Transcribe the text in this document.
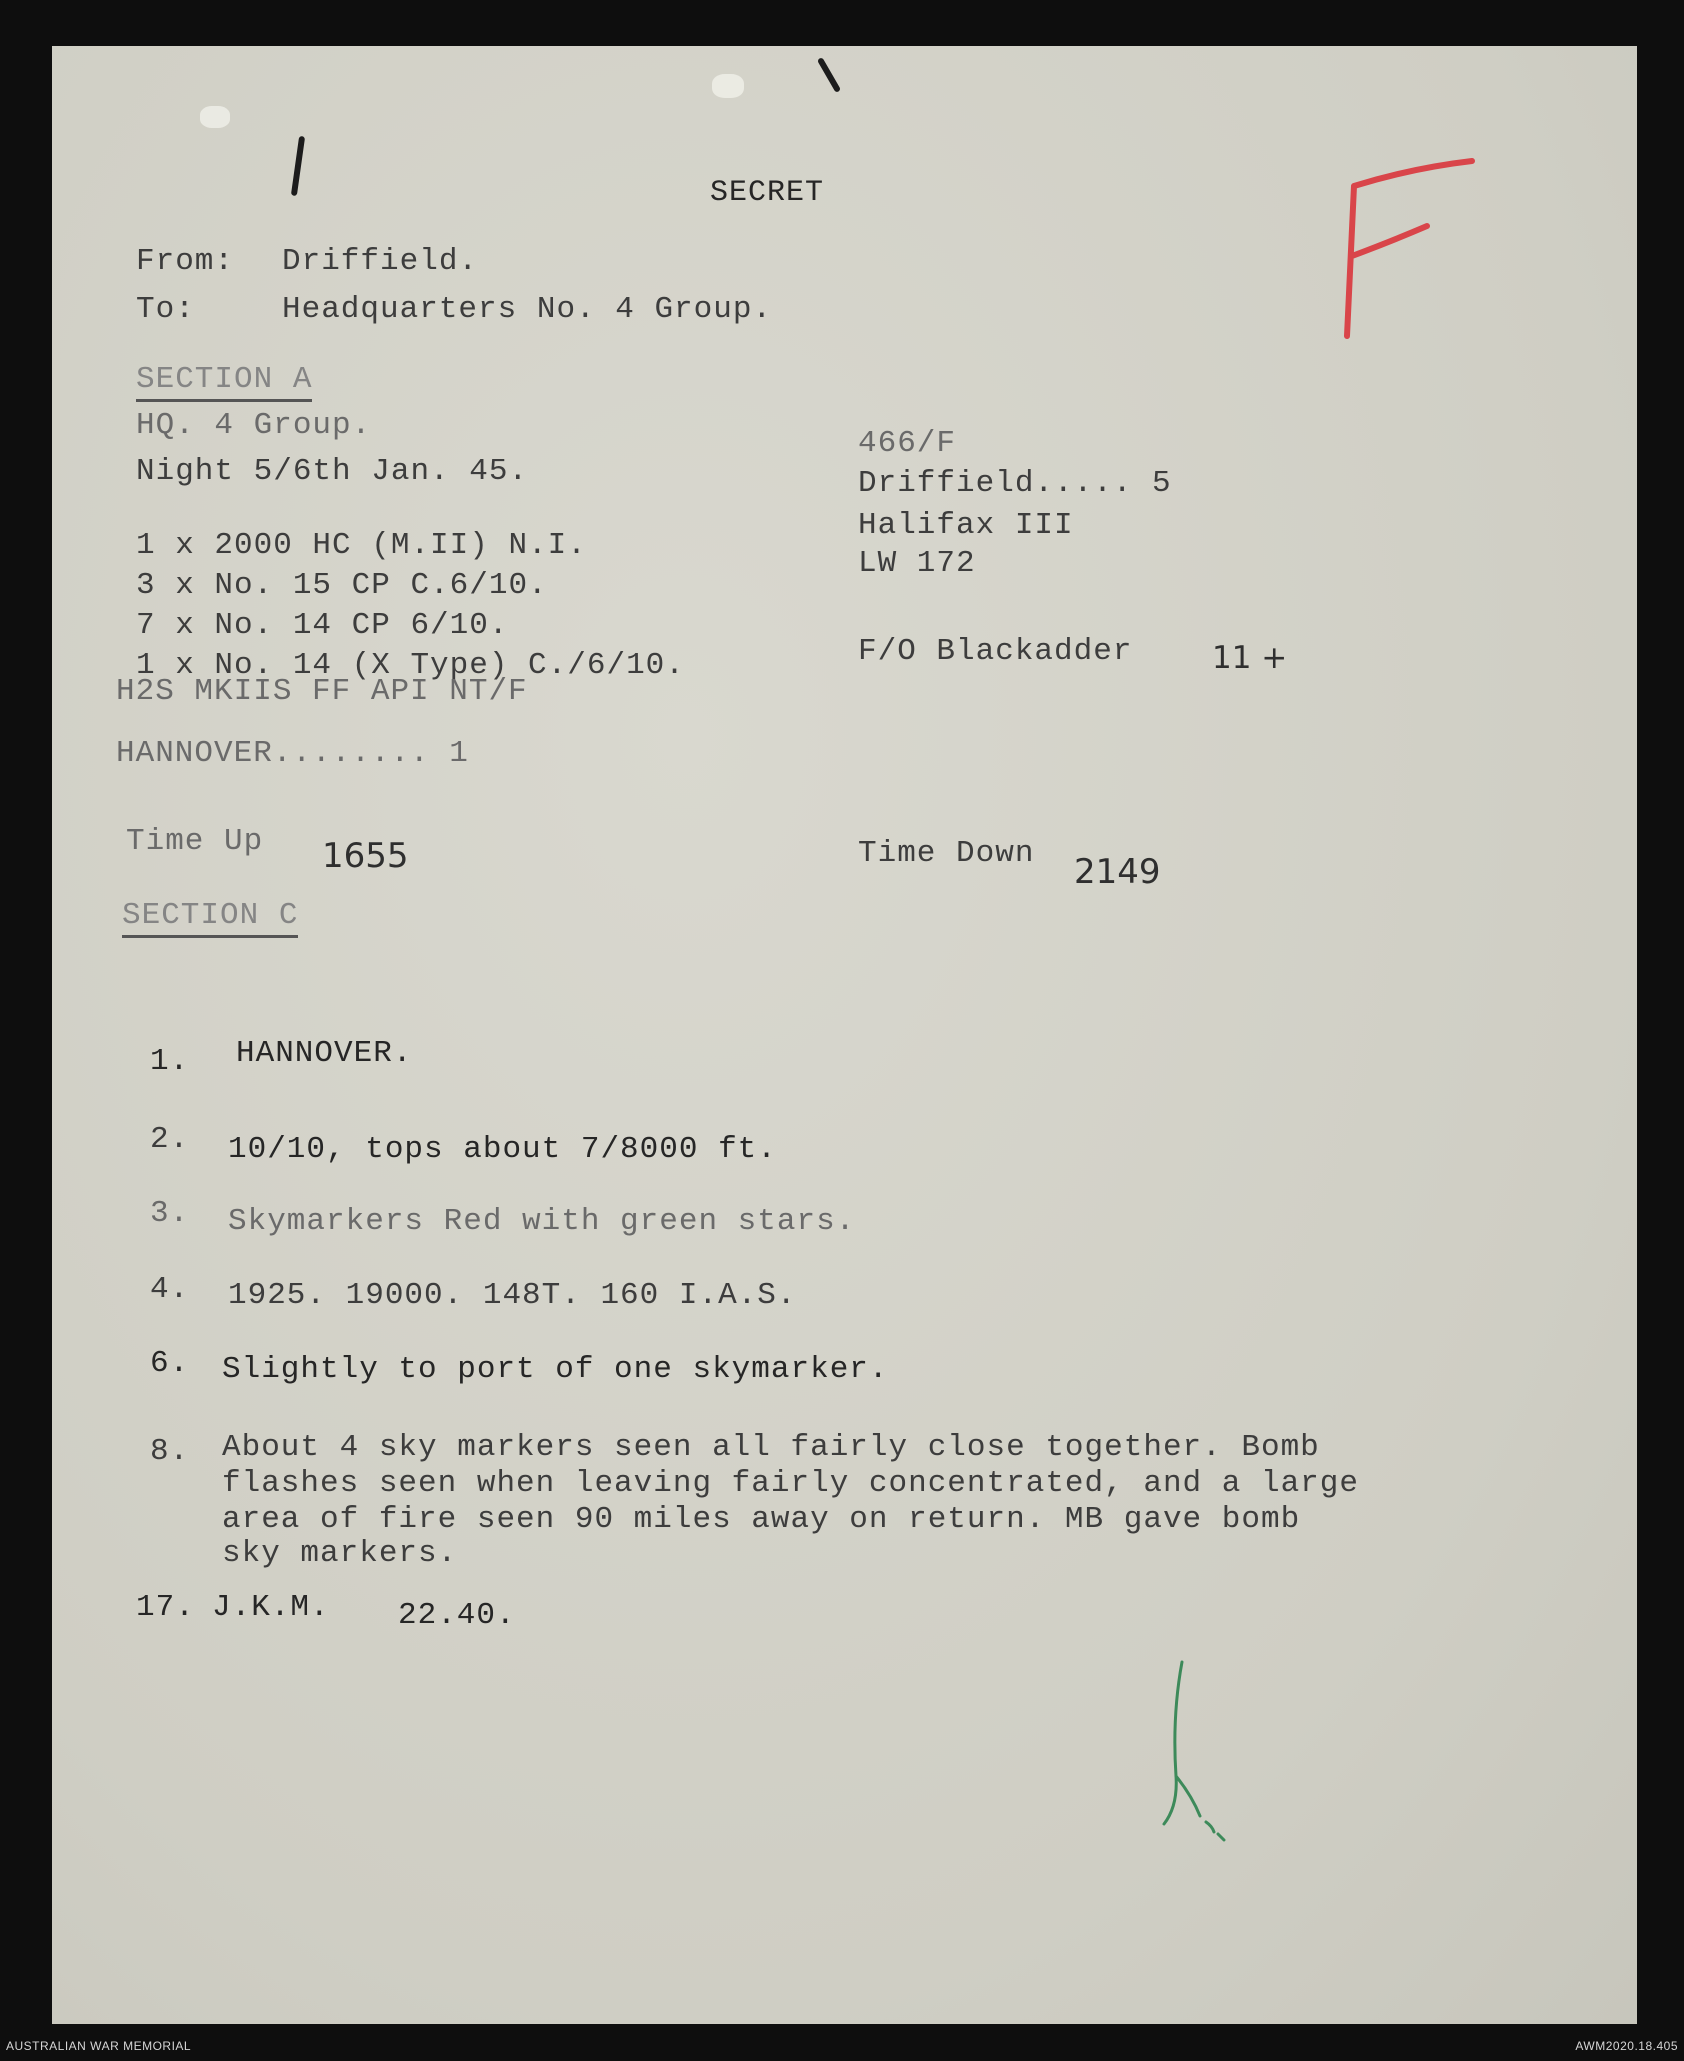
SECRET
From: Driffield.
To:	Headquarters No. 4 Group.
SECTION A
HQ. 4 Group.
Night 5/6th Jan. 45.
1 x 2000 HC (M.II) N.I.
3 x No. 15 CP C.6/10.
7 x No. 14 CP 6/10.
1 x No. 14 (X Type) C./6/10.
H2S MKIIS FF API NT/F
HANNOVER........ 1
466/F
Driffield..... 5
Halifax III
LW 172
F/O Blackadder	11 +
Time Up 1655	Time Down 2149
SECTION C
1. HANNOVER.
2. 10/10, tops about 7/8000 ft.
3. Skymarkers Red with green stars.
4. 1925. 19000. 148T. 160 I.A.S.
6. Slightly to port of one skymarker.
8. About 4 sky markers seen all fairly close together. Bomb
flashes seen when leaving fairly concentrated, and a large
area of fire seen 90 miles away on return. MB gave bomb
sky markers.
17. J.K.M. 22.40.
AUSTRALIAN WAR MEMORIAL	AWM2020.18.405
